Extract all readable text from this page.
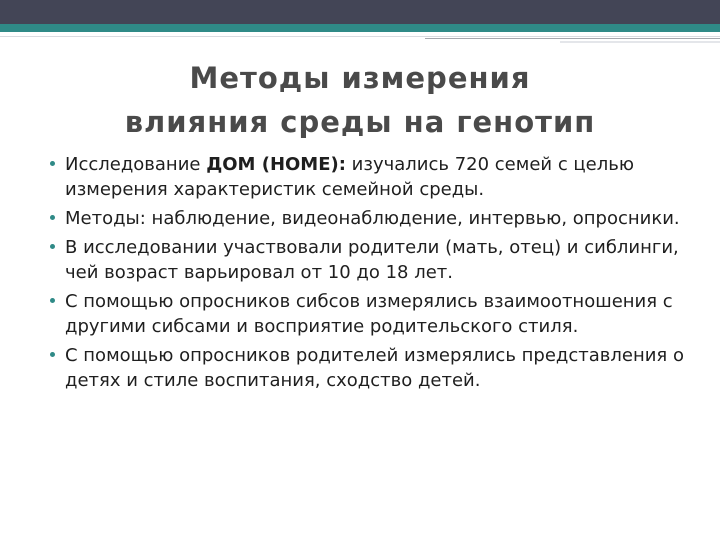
Методы измерения
влияния среды на генотип
Исследование ДОМ (HOME): изучались 720 семей с целью измерения характеристик семейной среды.
Методы: наблюдение, видеонаблюдение, интервью, опросники.
В исследовании участвовали родители (мать, отец) и сиблинги, чей возраст варьировал от 10 до 18 лет.
С помощью опросников сибсов измерялись взаимоотношения с другими сибсами и восприятие родительского стиля.
С помощью опросников родителей измерялись представления о детях и стиле воспитания, сходство детей.
